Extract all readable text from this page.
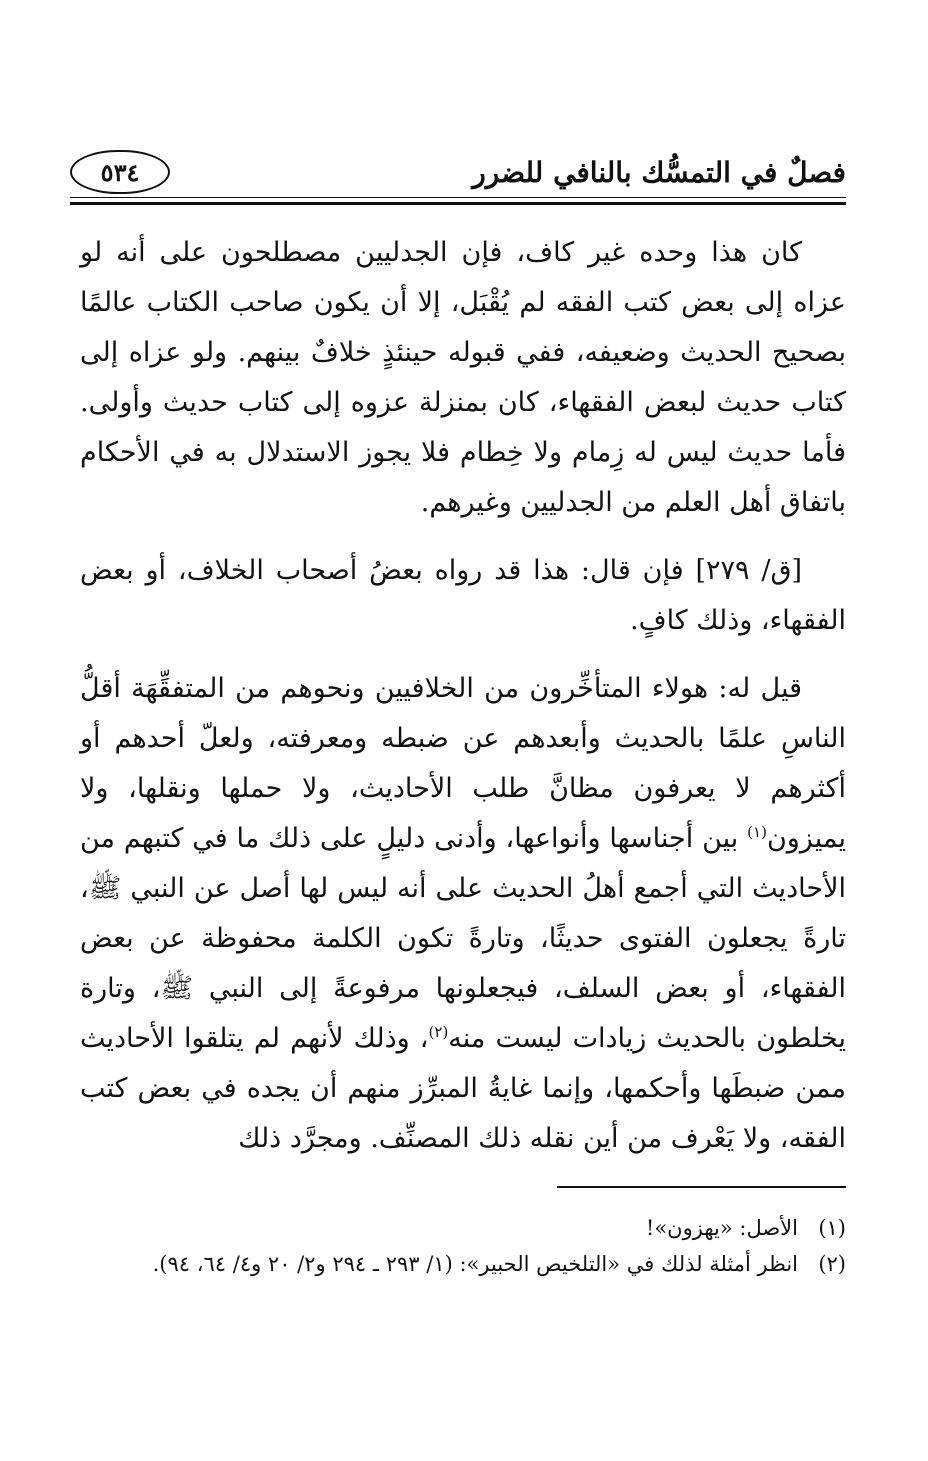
فصلٌ في التمسُّك بالنافي للضرر
٥٣٤

كان هذا وحده غير كاف، فإن الجدليين مصطلحون على أنه لو عزاه إلى بعض كتب الفقه لم يُقْبَل، إلا أن يكون صاحب الكتاب عالمًا بصحيح الحديث وضعيفه، ففي قبوله حينئذٍ خلافٌ بينهم. ولو عزاه إلى كتاب حديث لبعض الفقهاء، كان بمنزلة عزوه إلى كتاب حديث وأولى. فأما حديث ليس له زِمام ولا خِطام فلا يجوز الاستدلال به في الأحكام باتفاق أهل العلم من الجدليين وغيرهم.

[ق/ ٢٧٩] فإن قال: هذا قد رواه بعضُ أصحاب الخلاف، أو بعض الفقهاء، وذلك كافٍ.

قيل له: هولاء المتأخِّرون من الخلافيين ونحوهم من المتفقِّهَة أقلُّ الناسِ علمًا بالحديث وأبعدهم عن ضبطه ومعرفته، ولعلّ أحدهم أو أكثرهم لا يعرفون مظانَّ طلب الأحاديث، ولا حملها ونقلها، ولا يميزون$^{(١)}$ بين أجناسها وأنواعها، وأدنى دليلٍ على ذلك ما في كتبهم من الأحاديث التي أجمع أهلُ الحديث على أنه ليس لها أصل عن النبي ﷺ، تارةً يجعلون الفتوى حديثًا، وتارةً تكون الكلمة محفوظة عن بعض الفقهاء، أو بعض السلف، فيجعلونها مرفوعةً إلى النبي ﷺ، وتارة يخلطون بالحديث زيادات ليست منه$^{(٢)}$، وذلك لأنهم لم يتلقوا الأحاديث ممن ضبطَها وأحكمها، وإنما غايةُ المبرِّز منهم أن يجده في بعض كتب الفقه، ولا يَعْرف من أين نقله ذلك المصنِّف. ومجرَّد ذلك

(١)
الأصل: «يهزون»!

(٢)
انظر أمثلة لذلك في «التلخيص الحبير»: (١/ ٢٩٣ ـ ٢٩٤ و٢/ ٢٠ و٤/ ٦٤، ٩٤).
